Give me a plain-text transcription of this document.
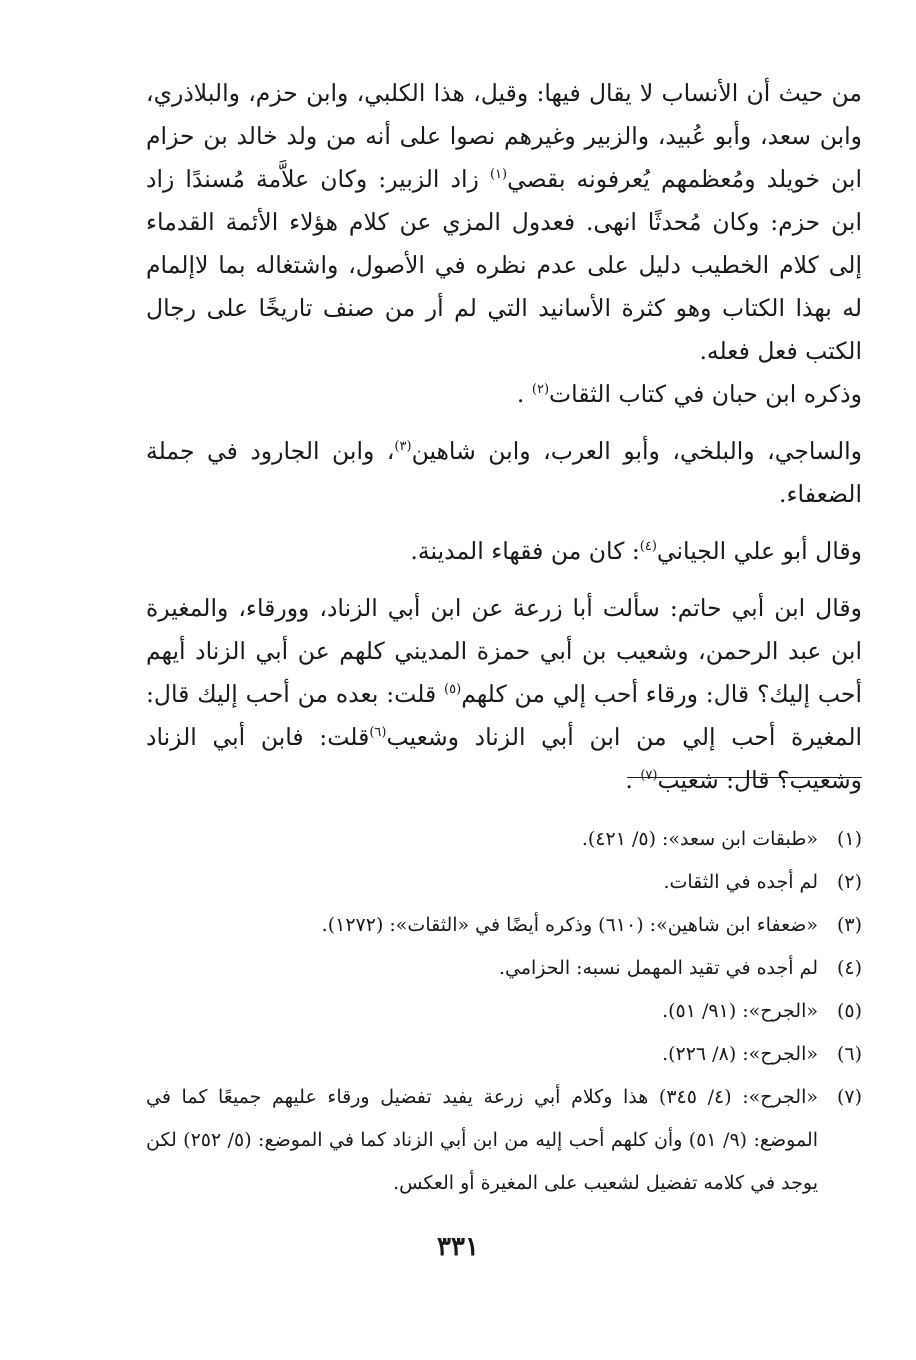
من حيث أن الأنساب لا يقال فيها: وقيل، هذا الكلبي، وابن حزم، والبلاذري، وابن سعد، وأبو عُبيد، والزبير وغيرهم نصوا على أنه من ولد خالد بن حزام ابن خويلد ومُعظمهم يُعرفونه بقصي$^{(١)}$ زاد الزبير: وكان علاَّمة مُسندًا زاد ابن حزم: وكان مُحدثًا انهى. فعدول المزي عن كلام هؤلاء الأئمة القدماء إلى كلام الخطيب دليل على عدم نظره في الأصول، واشتغاله بما لاإلمام له بهذا الكتاب وهو كثرة الأسانيد التي لم أر من صنف تاريخًا على رجال الكتب فعل فعله.

وذكره ابن حبان في كتاب الثقات$^{(٢)}$ .

والساجي، والبلخي، وأبو العرب، وابن شاهين$^{(٣)}$، وابن الجارود في جملة الضعفاء.

وقال أبو علي الجياني$^{(٤)}$: كان من فقهاء المدينة.

وقال ابن أبي حاتم: سألت أبا زرعة عن ابن أبي الزناد، وورقاء، والمغيرة ابن عبد الرحمن، وشعيب بن أبي حمزة المديني كلهم عن أبي الزناد أيهم أحب إليك؟ قال: ورقاء أحب إلي من كلهم$^{(٥)}$ قلت: بعده من أحب إليك قال: المغيرة أحب إلي من ابن أبي الزناد وشعيب$^{(٦)}$قلت: فابن أبي الزناد وشعيب؟ قال: شعيب$^{(٧)}$ .

(١)
«طبقات ابن سعد»: (٥/ ٤٢١).
(٢)
لم أجده في الثقات.
(٣)
«ضعفاء ابن شاهين»: (٦١٠) وذكره أيضًا في «الثقات»: (١٢٧٢).
(٤)
لم أجده في تقيد المهمل نسبه: الحزامي.
(٥)
«الجرح»: (٩١/ ٥١).
(٦)
«الجرح»: (٨/ ٢٢٦).
(٧)
«الجرح»: (٤/ ٣٤٥) هذا وكلام أبي زرعة يفيد تفضيل ورقاء عليهم جميعًا كما في الموضع: (٩/ ٥١) وأن كلهم أحب إليه من ابن أبي الزناد كما في الموضع: (٥/ ٢٥٢) لكن يوجد في كلامه تفضيل لشعيب على المغيرة أو العكس.
٣٣١
